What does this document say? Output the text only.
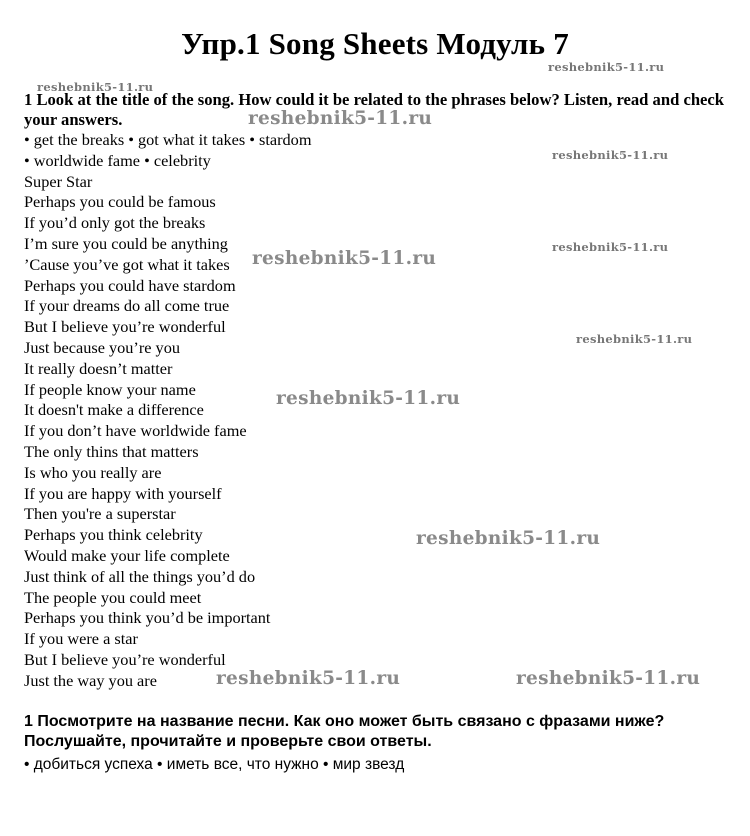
Упр.1 Song Sheets Модуль 7
reshebnik5-11.ru
reshebnik5-11.ru
1 Look at the title of the song. How could it be related to the phrases below? Listen, read and check your answers.
• get the breaks • got what it takes • stardom
• worldwide fame • celebrity
Super Star
Perhaps you could be famous
If you’d only got the breaks
I’m sure you could be anything
’Cause you’ve got what it takes
Perhaps you could have stardom
If your dreams do all come true
But I believe you’re wonderful
Just because you’re you
It really doesn’t matter
If people know your name
It doesn't make a difference
If you don’t have worldwide fame
The only thins that matters
Is who you really are
If you are happy with yourself
Then you're a superstar
Perhaps you think celebrity
Would make your life complete
Just think of all the things you’d do
The people you could meet
Perhaps you think you’d be important
If you were a star
But I believe you’re wonderful
Just the way you are
reshebnik5-11.ru
reshebnik5-11.ru
reshebnik5-11.ru
reshebnik5-11.ru
reshebnik5-11.ru
reshebnik5-11.ru
reshebnik5-11.ru
reshebnik5-11.ru	reshebnik5-11.ru
1 Посмотрите на название песни. Как оно может быть связано с фразами ниже? Послушайте, прочитайте и проверьте свои ответы.
• добиться успеха • иметь все, что нужно • мир звезд
